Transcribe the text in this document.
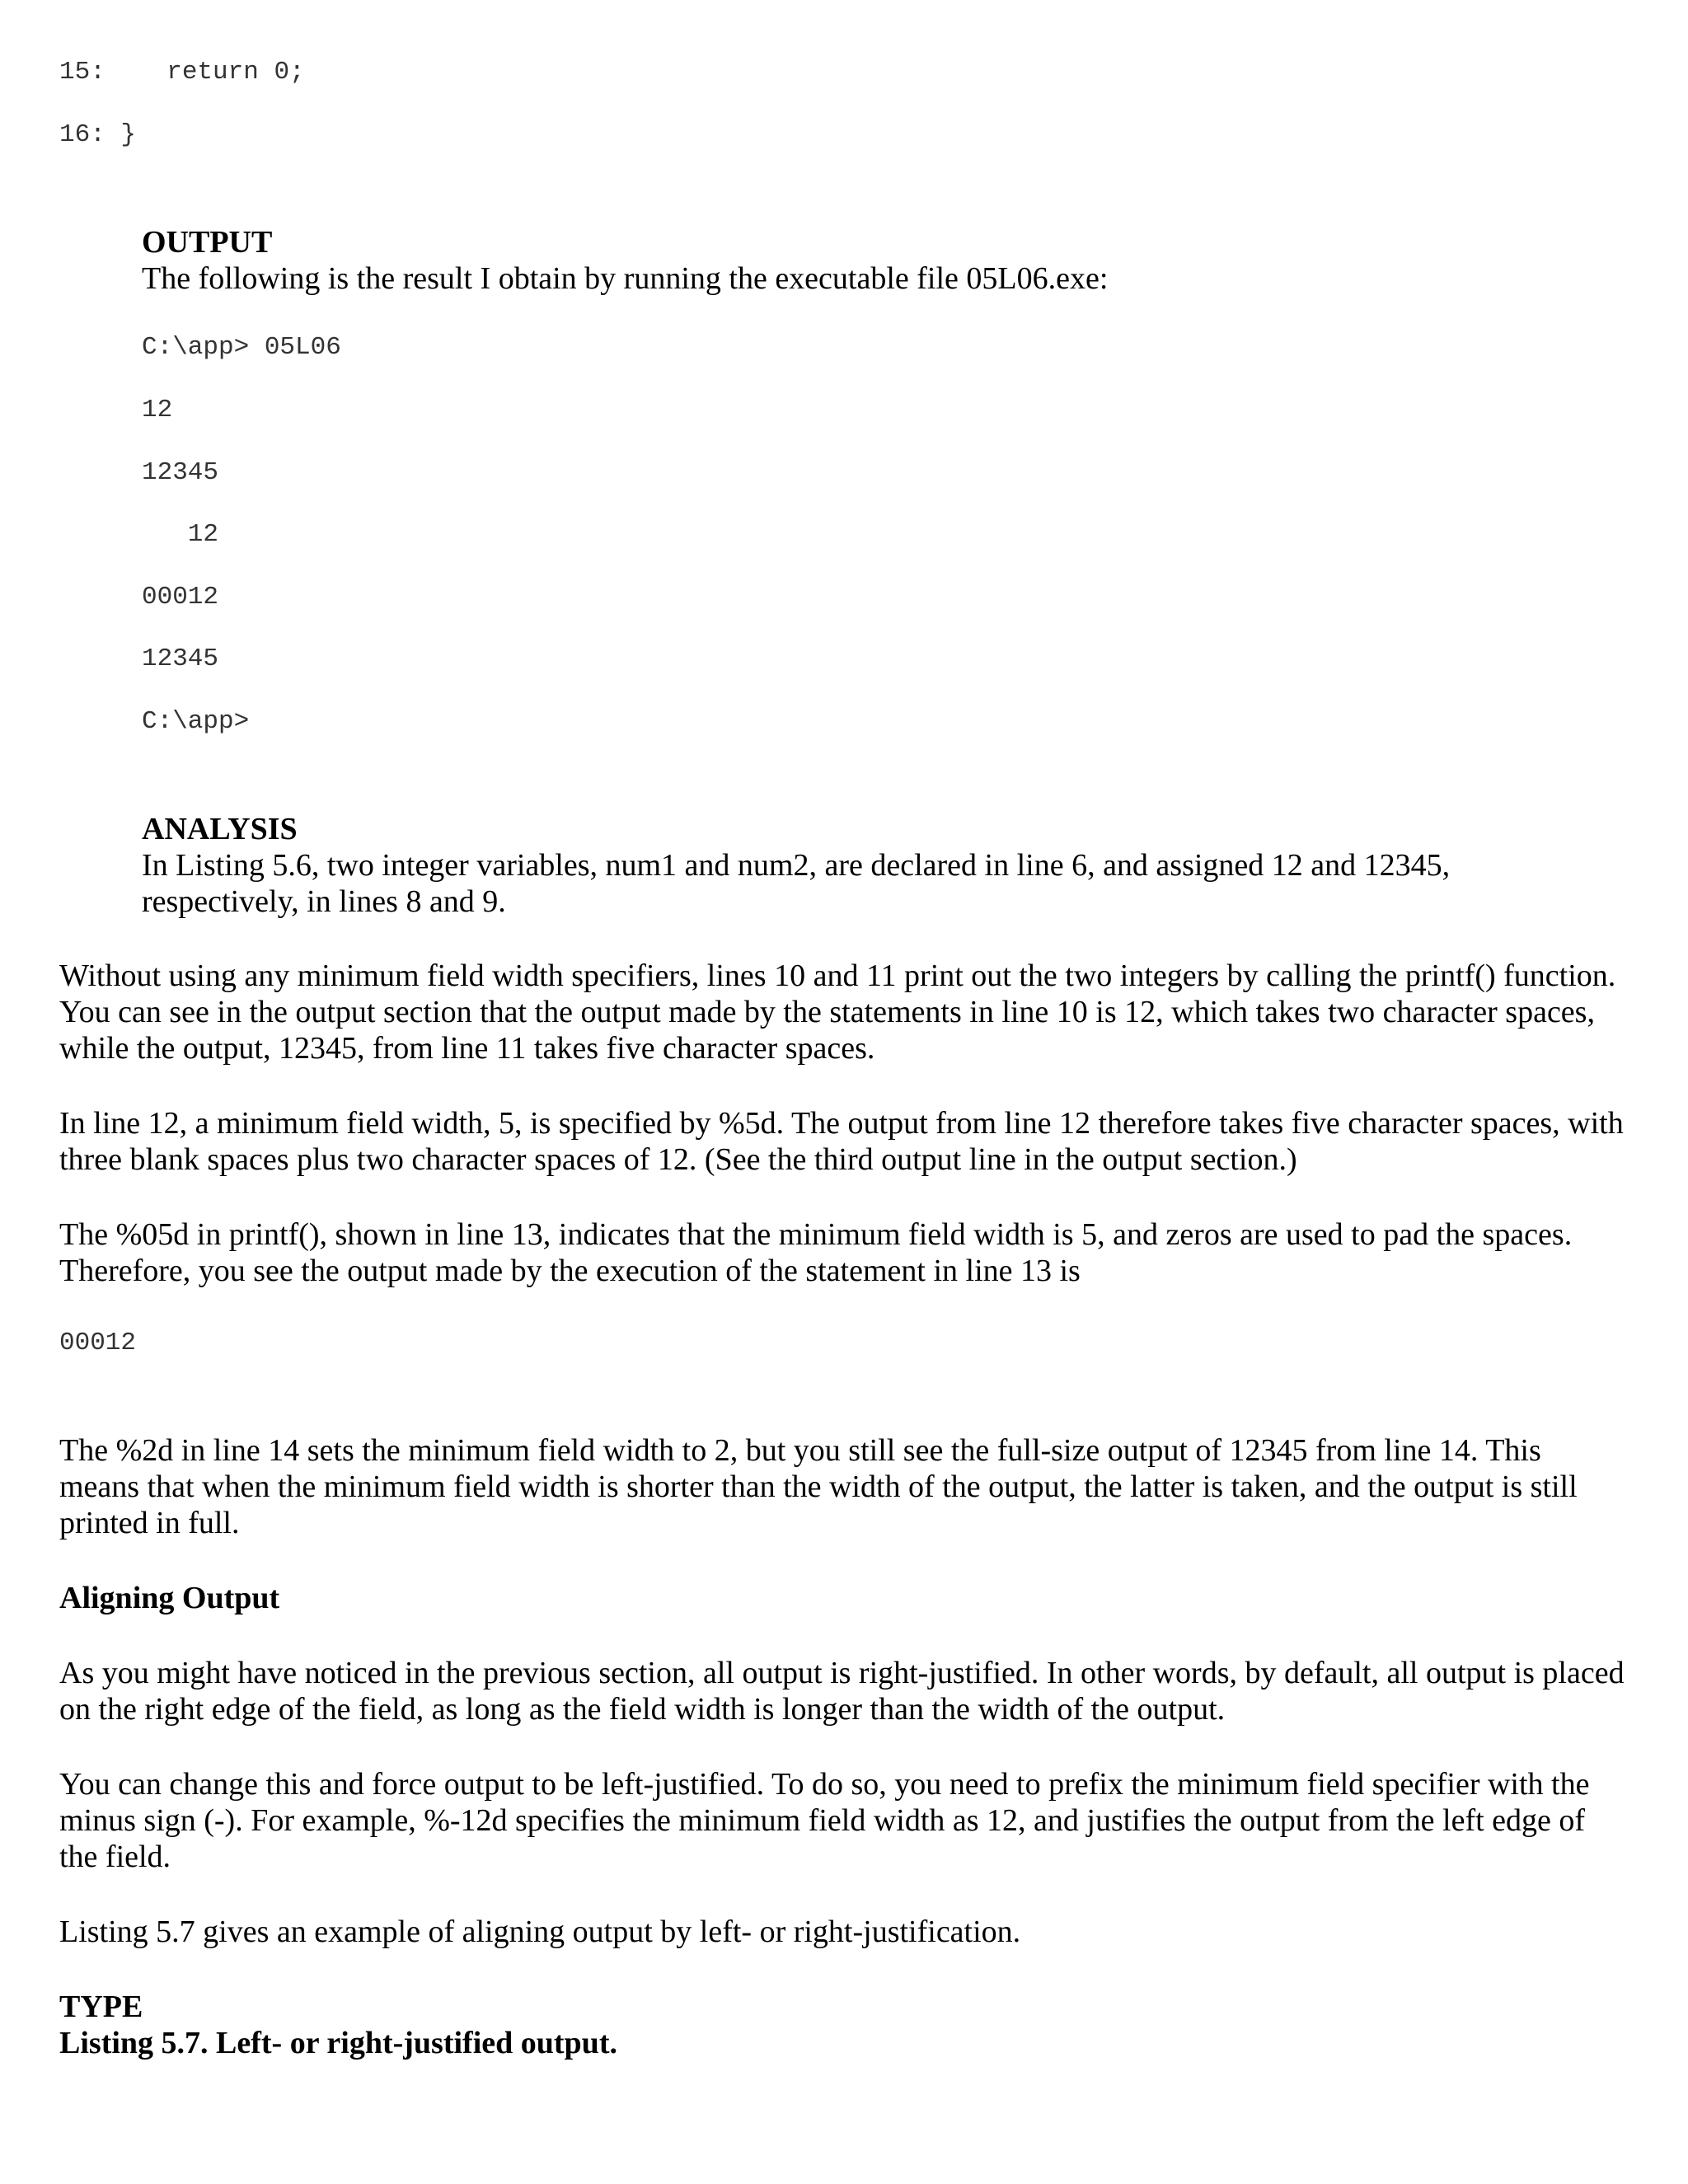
15:    return 0;
16: }
OUTPUT
The following is the result I obtain by running the executable file 05L06.exe:
C:\app> 05L06
12
12345
12
00012
12345
C:\app>
ANALYSIS
In Listing 5.6, two integer variables, num1 and num2, are declared in line 6, and assigned 12 and 12345, respectively, in lines 8 and 9.
Without using any minimum field width specifiers, lines 10 and 11 print out the two integers by calling the printf() function. You can see in the output section that the output made by the statements in line 10 is 12, which takes two character spaces, while the output, 12345, from line 11 takes five character spaces.
In line 12, a minimum field width, 5, is specified by %5d. The output from line 12 therefore takes five character spaces, with three blank spaces plus two character spaces of 12. (See the third output line in the output section.)
The %05d in printf(), shown in line 13, indicates that the minimum field width is 5, and zeros are used to pad the spaces. Therefore, you see the output made by the execution of the statement in line 13 is
00012
The %2d in line 14 sets the minimum field width to 2, but you still see the full-size output of 12345 from line 14. This means that when the minimum field width is shorter than the width of the output, the latter is taken, and the output is still printed in full.
Aligning Output
As you might have noticed in the previous section, all output is right-justified. In other words, by default, all output is placed on the right edge of the field, as long as the field width is longer than the width of the output.
You can change this and force output to be left-justified. To do so, you need to prefix the minimum field specifier with the minus sign (-). For example, %-12d specifies the minimum field width as 12, and justifies the output from the left edge of the field.
Listing 5.7 gives an example of aligning output by left- or right-justification.
TYPE
Listing 5.7. Left- or right-justified output.
